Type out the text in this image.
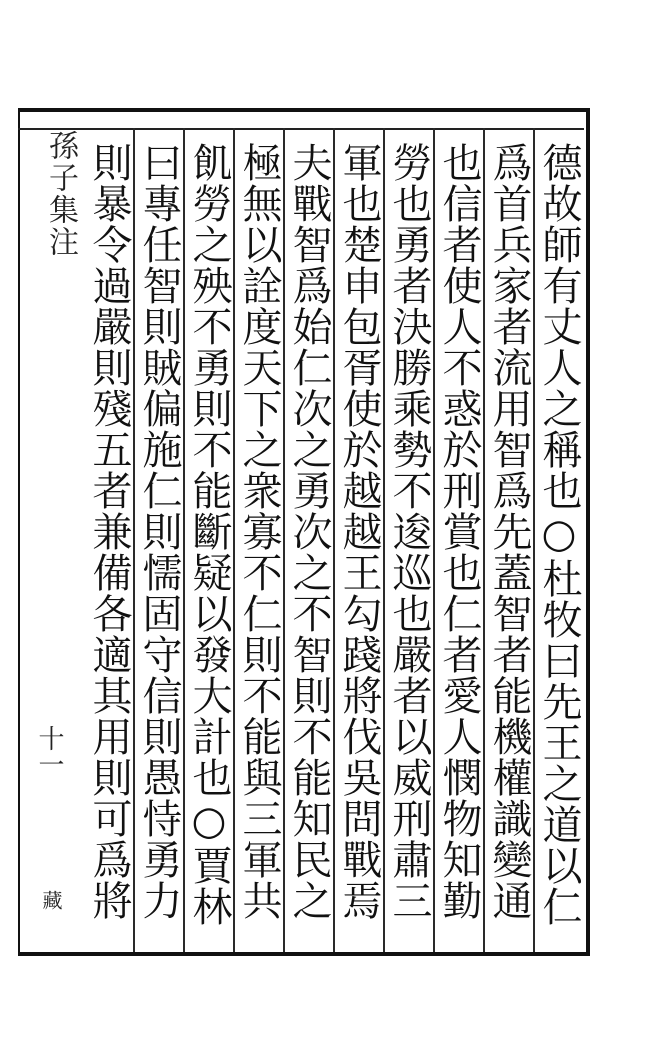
孫子集注
十一
藏	德故師有丈人之稱也○杜牧曰先王之道以仁
爲首兵家者流用智爲先蓋智者能機權識變通
也信者使人不惑於刑賞也仁者愛人憫物知勤
勞也勇者決勝乘勢不逡巡也嚴者以威刑肅三
軍也楚申包胥使於越越王勾踐將伐吳問戰焉
夫戰智爲始仁次之勇次之不智則不能知民之
極無以詮度天下之衆寡不仁則不能與三軍共
飢勞之殃不勇則不能斷疑以發大計也○賈林
曰專任智則賊偏施仁則懦固守信則愚恃勇力
則暴令過嚴則殘五者兼備各適其用則可爲將
